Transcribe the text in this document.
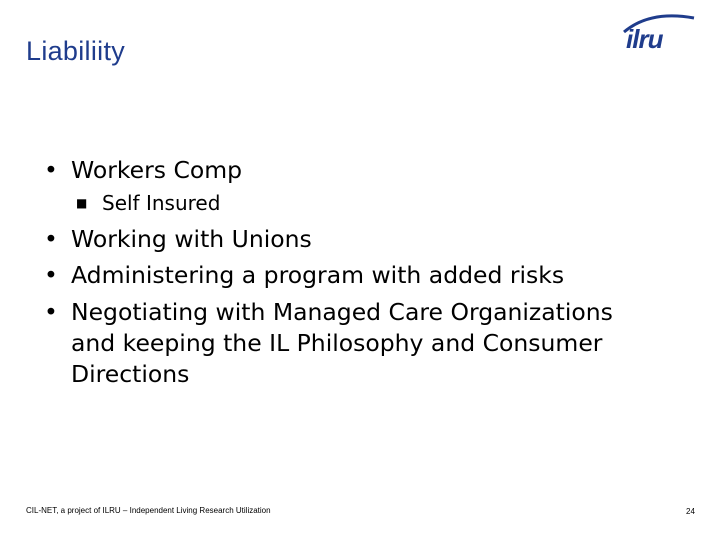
Liabiliity	ilru
• Workers Comp
■ Self Insured
• Working with Unions
• Administering a program with added risks
• Negotiating with Managed Care Organizations and keeping the IL Philosophy and Consumer Directions
CIL-NET, a project of ILRU – Independent Living Research Utilization	24
